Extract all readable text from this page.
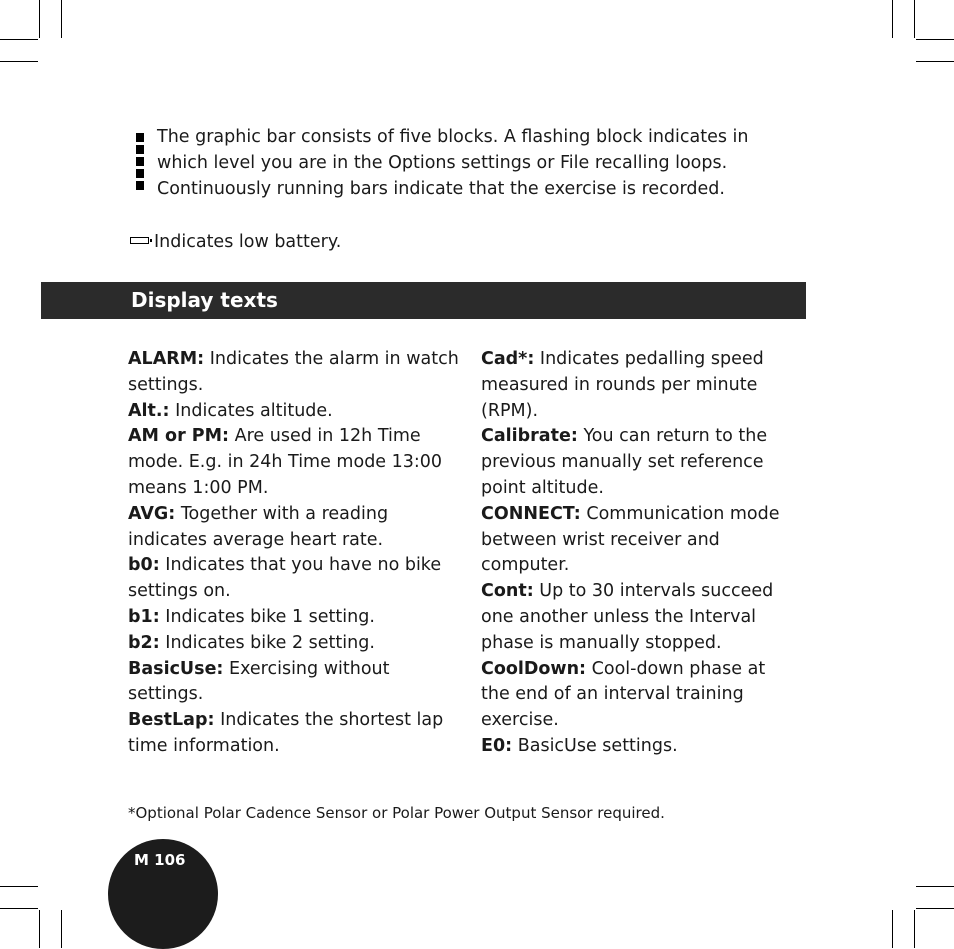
The graphic bar consists of five blocks. A flashing block indicates in which level you are in the Options settings or File recalling loops. Continuously running bars indicate that the exercise is recorded.

Indicates low battery.
Display texts

ALARM: Indicates the alarm in watch settings.

Alt.: Indicates altitude.

AM or PM: Are used in 12h Time mode. E.g. in 24h Time mode 13:00 means 1:00 PM.

AVG: Together with a reading indicates average heart rate.

b0: Indicates that you have no bike settings on.

b1: Indicates bike 1 setting.

b2: Indicates bike 2 setting.

BasicUse: Exercising without settings.

BestLap: Indicates the shortest lap time information.

Cad*: Indicates pedalling speed measured in rounds per minute (RPM).

Calibrate: You can return to the previous manually set reference point altitude.

CONNECT: Communication mode between wrist receiver and computer.

Cont: Up to 30 intervals succeed one another unless the Interval phase is manually stopped.

CoolDown: Cool-down phase at the end of an interval training exercise.

E0: BasicUse settings.

*Optional Polar Cadence Sensor or Polar Power Output Sensor required.
M 106
